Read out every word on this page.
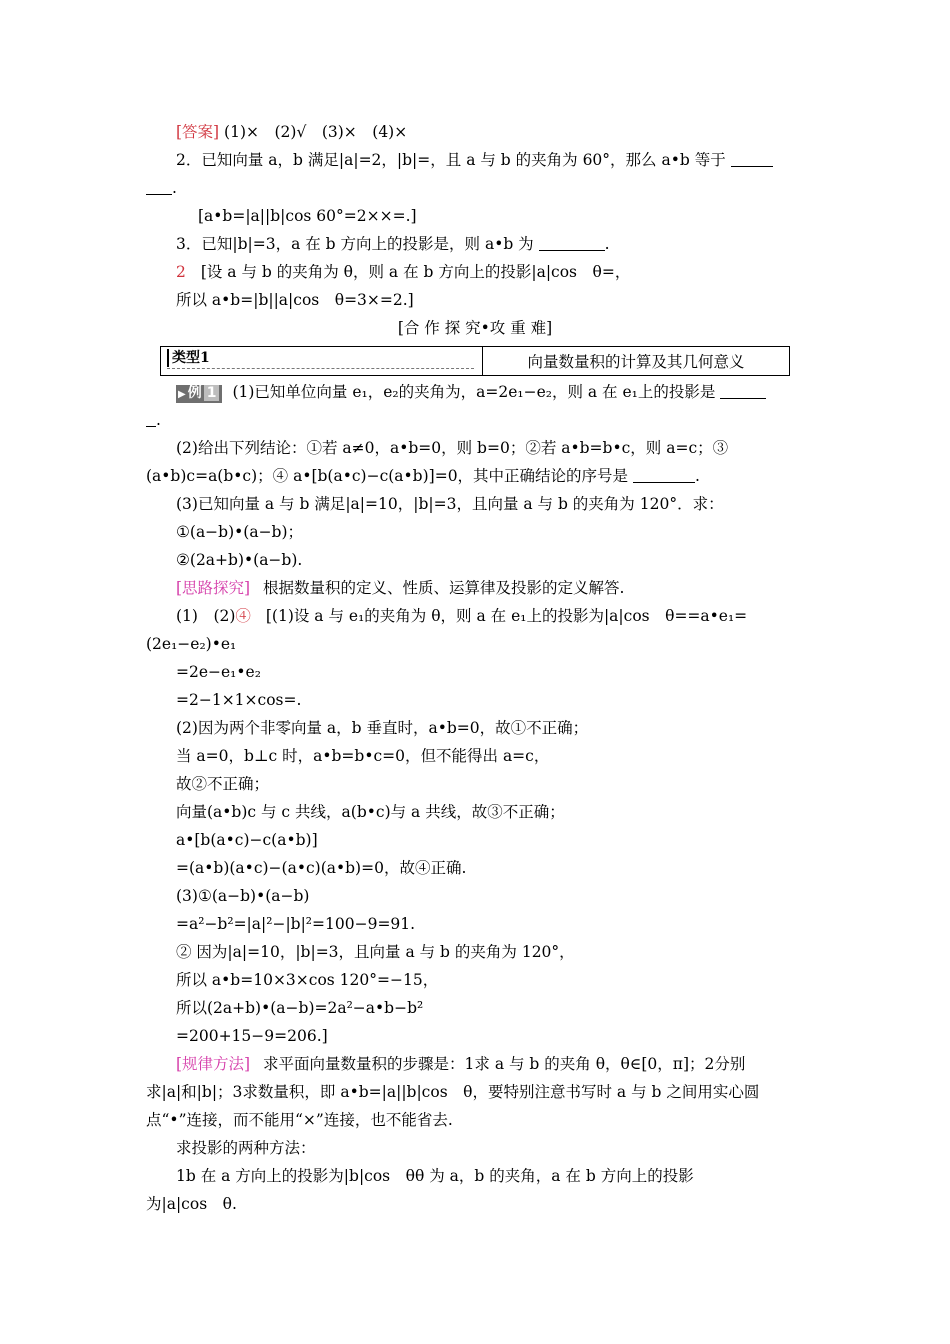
[答案] (1)×　(2)√　(3)×　(4)×
2．已知向量 a，b 满足|a|=2，|b|=，且 a 与 b 的夹角为 60°，那么 a•b 等于
.
[a•b=|a||b|cos 60°=2××=.]
3．已知|b|=3，a 在 b 方向上的投影是，则 a•b 为	.
2 [设 a 与 b 的夹角为 θ，则 a 在 b 方向上的投影|a|cos　θ=，
所以 a•b=|b||a|cos　θ=3×=2.]
[合 作 探 究•攻 重 难]
类型1	向量数量积的计算及其几何意义
▶ 例 1 (1)已知单位向量 e₁，e₂的夹角为，a=2e₁−e₂，则 a 在 e₁上的投影是
.
(2)给出下列结论：①若 a≠0，a•b=0，则 b=0；②若 a•b=b•c，则 a=c；③
(a•b)c=a(b•c)；④ a•[b(a•c)−c(a•b)]=0，其中正确结论的序号是	.
(3)已知向量 a 与 b 满足|a|=10，|b|=3，且向量 a 与 b 的夹角为 120°．求：
①(a−b)•(a−b)；
②(2a+b)•(a−b).
[思路探究] 根据数量积的定义、性质、运算律及投影的定义解答.
(1)　(2)④ [(1)设 a 与 e₁的夹角为 θ，则 a 在 e₁上的投影为|a|cos　θ==a•e₁=
(2e₁−e₂)•e₁
=2e−e₁•e₂
=2−1×1×cos=.
(2)因为两个非零向量 a，b 垂直时，a•b=0，故①不正确；
当 a=0，b⊥c 时，a•b=b•c=0，但不能得出 a=c，
故②不正确；
向量(a•b)c 与 c 共线，a(b•c)与 a 共线，故③不正确；
a•[b(a•c)−c(a•b)]
=(a•b)(a•c)−(a•c)(a•b)=0，故④正确.
(3)①(a−b)•(a−b)
=a²−b²=|a|²−|b|²=100−9=91.
② 因为|a|=10，|b|=3，且向量 a 与 b 的夹角为 120°，
所以 a•b=10×3×cos 120°=−15，
所以(2a+b)•(a−b)=2a²−a•b−b²
=200+15−9=206.]
[规律方法] 求平面向量数量积的步骤是：1求 a 与 b 的夹角 θ，θ∈[0，π]；2分别
求|a|和|b|；3求数量积，即 a•b=|a||b|cos　θ，要特别注意书写时 a 与 b 之间用实心圆
点“•”连接，而不能用“×”连接，也不能省去.
求投影的两种方法：
1b 在 a 方向上的投影为|b|cos　θθ 为 a，b 的夹角，a 在 b 方向上的投影
为|a|cos　θ.
